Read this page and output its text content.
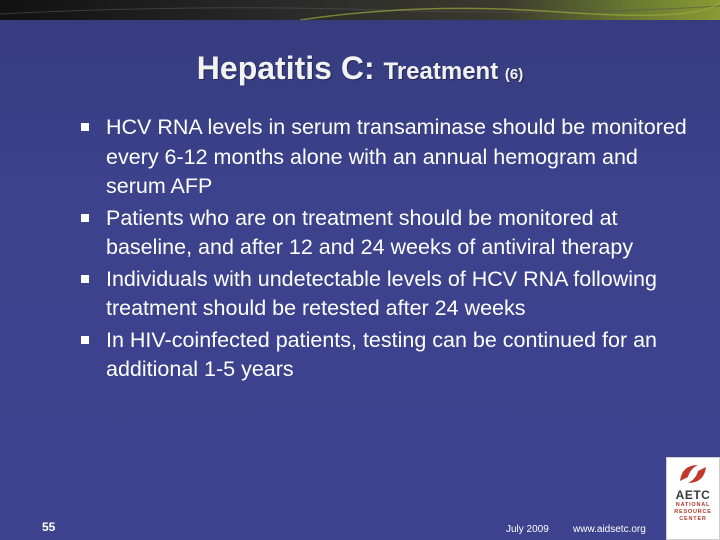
Hepatitis C: Treatment (6)
HCV RNA levels in serum transaminase should be monitored every 6-12 months alone with an annual hemogram and serum AFP
Patients who are on treatment should be monitored at baseline, and after 12 and 24 weeks of antiviral therapy
Individuals with undetectable levels of HCV RNA following treatment should be retested after 24 weeks
In HIV-coinfected patients, testing can be continued for an additional 1-5 years
55	July 2009 www.aidsetc.org
AETC
NATIONAL
RESOURCE
CENTER
